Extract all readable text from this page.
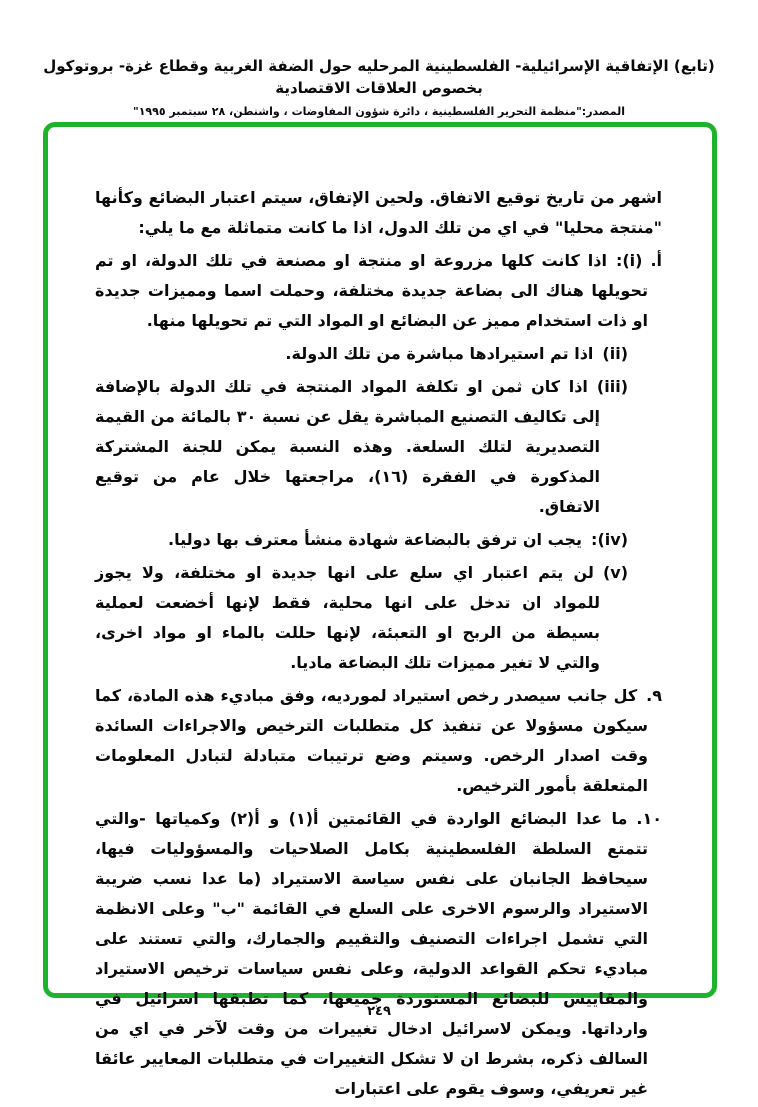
(تابع) الإتفاقية الإسرائيلية- الفلسطينية المرحليه حول الضفة الغربية وقطاع غزة- بروتوكول بخصوص العلاقات الاقتصادية
المصدر:"منظمة التحرير الفلسطينية ، دائرة شؤون المفاوضات ، واشنطن، ٢٨ سبتمبر ١٩٩٥"

اشهر من تاريخ توقيع الاتفاق. ولحين الإتفاق، سيتم اعتبار البضائع وكأنها "منتجة محليا" في اي من تلك الدول، اذا ما كانت متماثلة مع ما يلي:

أ. (i):اذا كانت كلها مزروعة او منتجة او مصنعة في تلك الدولة، او تم تحويلها هناك الى بضاعة جديدة مختلفة، وحملت اسما ومميزات جديدة او ذات استخدام مميز عن البضائع او المواد التي تم تحويلها منها.

(ii)اذا تم استيرادها مباشرة من تلك الدولة.

(iii)اذا كان ثمن او تكلفة المواد المنتجة في تلك الدولة بالإضافة إلى تكاليف التصنيع المباشرة يقل عن نسبة ٣٠ بالمائة من القيمة التصديرية لتلك السلعة. وهذه النسبة يمكن للجنة المشتركة المذكورة في الفقرة (١٦)، مراجعتها خلال عام من توقيع الاتفاق.

(iv):يجب ان ترفق بالبضاعة شهادة منشأ معترف بها دوليا.

(v)لن يتم اعتبار اي سلع على انها جديدة او مختلفة، ولا يجوز للمواد ان تدخل على انها محلية، فقط لإنها أخضعت لعملية بسيطة من الربح او التعبئة، لإنها حللت بالماء او مواد اخرى، والتي لا تغير مميزات تلك البضاعة ماديا.

٩.كل جانب سيصدر رخص استيراد لمورديه، وفق مباديء هذه المادة، كما سيكون مسؤولا عن تنفيذ كل متطلبات الترخيص والاجراءات السائدة وقت اصدار الرخص. وسيتم وضع ترتيبات متبادلة لتبادل المعلومات المتعلقة بأمور الترخيص.

١٠.ما عدا البضائع الواردة في القائمتين أ(١) و أ(٢) وكمياتها -والتي تتمتع السلطة الفلسطينية بكامل الصلاحيات والمسؤوليات فيها، سيحافظ الجانبان على نفس سياسة الاستيراد (ما عدا نسب ضريبة الاستيراد والرسوم الاخرى على السلع في القائمة "ب" وعلى الانظمة التي تشمل اجراءات التصنيف والتقييم والجمارك، والتي تستند على مباديء تحكم القواعد الدولية، وعلى نفس سياسات ترخيص الاستيراد والمقاييس للبضائع المستوردة جميعها، كما تطبقها اسرائيل في وارداتها. ويمكن لاسرائيل ادخال تغييرات من وقت لآخر في اي من السالف ذكره، بشرط ان لا تشكل التغييرات في متطلبات المعايير عائقا غير تعريفي، وسوف يقوم على اعتبارات

٢٤٩
